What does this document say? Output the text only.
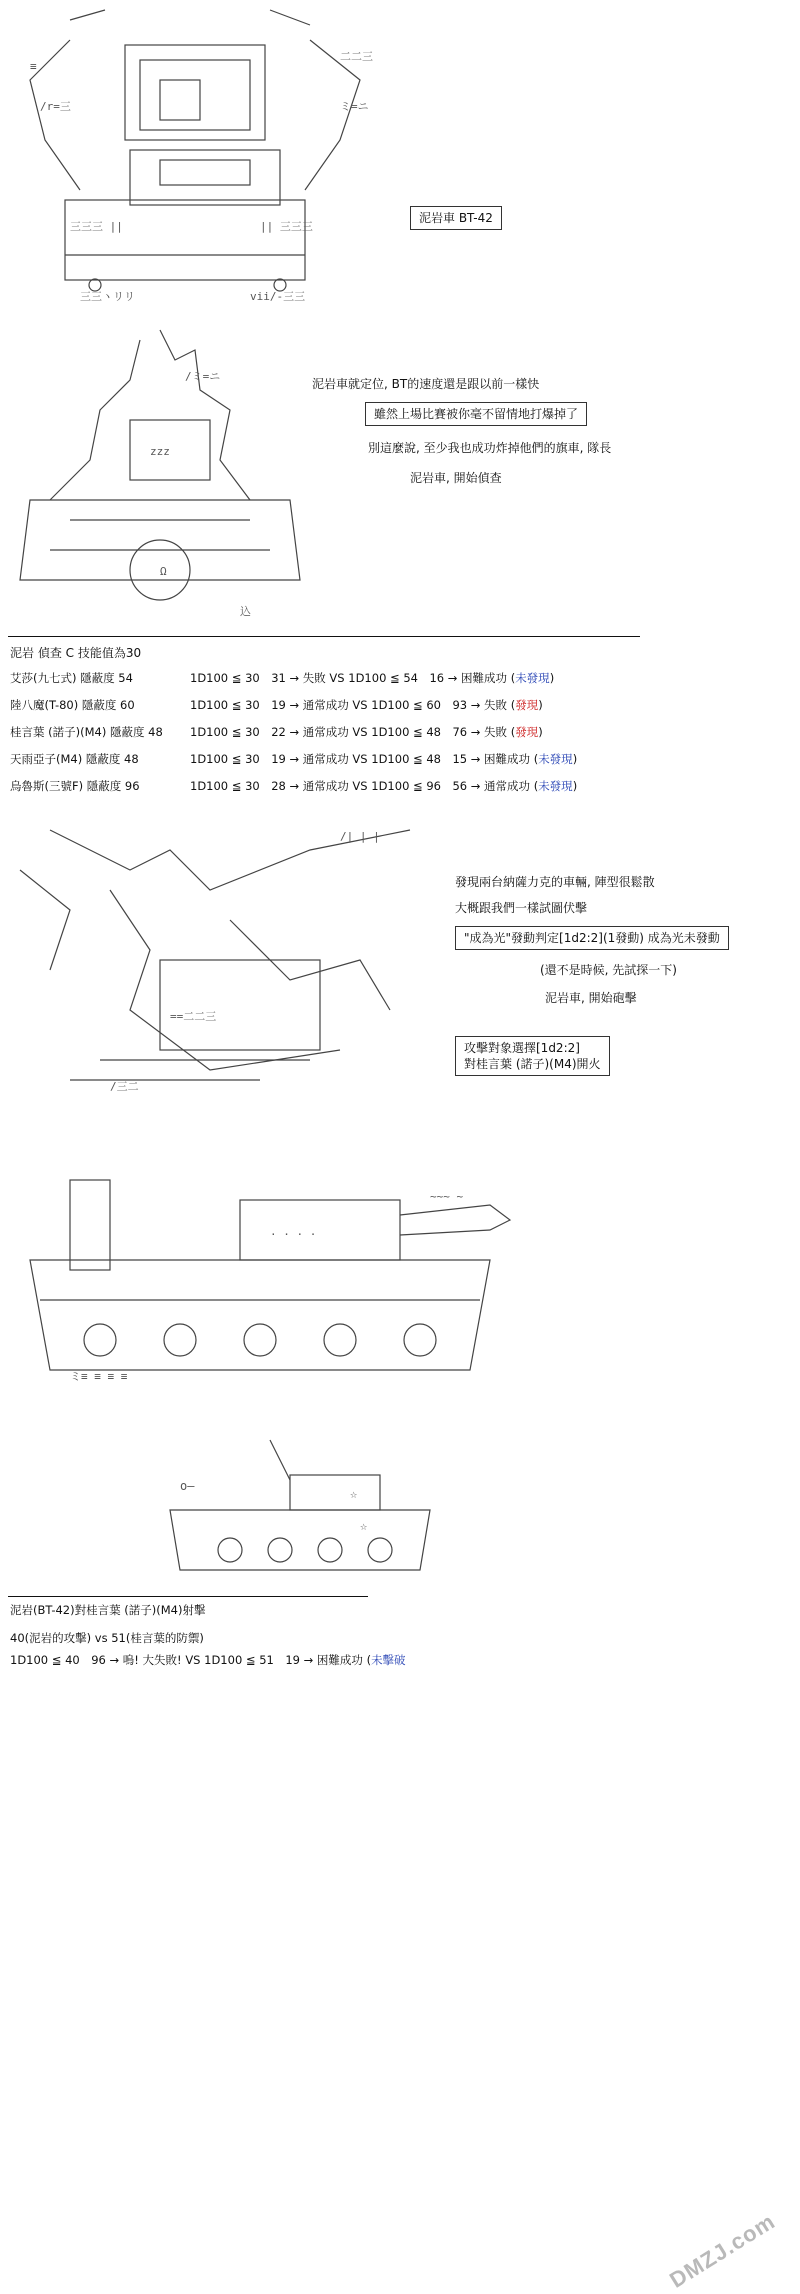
≡
二二三
/r=三	ミ=ニ
三三三 ||	|| 三三三
三三ヽリリ	vii/-三三

泥岩車 BT-42

/ミ=ニ
zzz
Ω
込

泥岩車就定位, BT的速度還是跟以前一樣快
雖然上場比賽被你毫不留情地打爆掉了
別這麼說, 至少我也成功炸掉他們的旗車, 隊長
泥岩車, 開始偵查
泥岩 偵查 C 技能值為30
艾莎(九七式) 隱蔽度 54	1D100 ≦ 30　31 → 失敗 VS 1D100 ≦ 54　16 → 困難成功 (未發現)
陸八魔(T-80) 隱蔽度 60	1D100 ≦ 30　19 → 通常成功 VS 1D100 ≦ 60　93 → 失敗 (發現)
桂言葉 (諾子)(M4) 隱蔽度 48 1D100 ≦ 30　22 → 通常成功 VS 1D100 ≦ 48　76 → 失敗 (發現)
天雨亞子(M4) 隱蔽度 48	1D100 ≦ 30　19 → 通常成功 VS 1D100 ≦ 48　15 → 困難成功 (未發現)
烏魯斯(三號F) 隱蔽度 96	1D100 ≦ 30　28 → 通常成功 VS 1D100 ≦ 96　56 → 通常成功 (未發現)

==二二三
/| | |
/三二

發現兩台納薩力克的車輛, 陣型很鬆散
大概跟我們一樣試圖伏擊
"成為光"發動判定[1d2:2](1發動) 成為光未發動
(還不是時候, 先試探一下)
泥岩車, 開始砲擊
攻擊對象選擇[1d2:2]
對桂言葉 (諾子)(M4)開火

. . . .
~~~ ~
ミ≡ ≡ ≡ ≡

☆
☆
o—

泥岩(BT-42)對桂言葉 (諾子)(M4)射擊
40(泥岩的攻擊) vs 51(桂言葉的防禦)
1D100 ≦ 40　96 → 嗚! 大失敗! VS 1D100 ≦ 51　19 → 困難成功 (未擊破
DMZJ.com
